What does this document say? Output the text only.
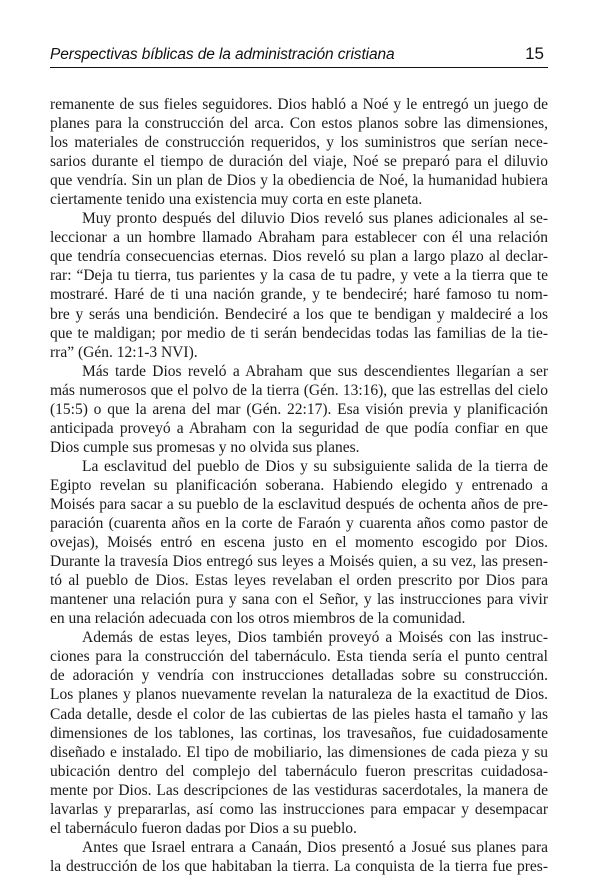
Perspectivas bíblicas de la administración cristiana	15

remanente de sus fieles seguidores. Dios habló a Noé y le entregó un juego de
planes para la construcción del arca. Con estos planos sobre las dimensiones,
los materiales de construcción requeridos, y los suministros que serían nece-
sarios durante el tiempo de duración del viaje, Noé se preparó para el diluvio
que vendría. Sin un plan de Dios y la obediencia de Noé, la humanidad hubiera
ciertamente tenido una existencia muy corta en este planeta.

Muy pronto después del diluvio Dios reveló sus planes adicionales al se-
leccionar a un hombre llamado Abraham para establecer con él una relación
que tendría consecuencias eternas. Dios reveló su plan a largo plazo al declar-
rar: “Deja tu tierra, tus parientes y la casa de tu padre, y vete a la tierra que te
mostraré. Haré de ti una nación grande, y te bendeciré; haré famoso tu nom-
bre y serás una bendición. Bendeciré a los que te bendigan y maldeciré a los
que te maldigan; por medio de ti serán bendecidas todas las familias de la tie-
rra” (Gén. 12:1-3 NVI).

Más tarde Dios reveló a Abraham que sus descendientes llegarían a ser
más numerosos que el polvo de la tierra (Gén. 13:16), que las estrellas del cielo
(15:5) o que la arena del mar (Gén. 22:17). Esa visión previa y planificación
anticipada proveyó a Abraham con la seguridad de que podía confiar en que
Dios cumple sus promesas y no olvida sus planes.

La esclavitud del pueblo de Dios y su subsiguiente salida de la tierra de
Egipto revelan su planificación soberana. Habiendo elegido y entrenado a
Moisés para sacar a su pueblo de la esclavitud después de ochenta años de pre-
paración (cuarenta años en la corte de Faraón y cuarenta años como pastor de
ovejas), Moisés entró en escena justo en el momento escogido por Dios.
Durante la travesía Dios entregó sus leyes a Moisés quien, a su vez, las presen-
tó al pueblo de Dios. Estas leyes revelaban el orden prescrito por Dios para
mantener una relación pura y sana con el Señor, y las instrucciones para vivir
en una relación adecuada con los otros miembros de la comunidad.

Además de estas leyes, Dios también proveyó a Moisés con las instruc-
ciones para la construcción del tabernáculo. Esta tienda sería el punto central
de adoración y vendría con instrucciones detalladas sobre su construcción.
Los planes y planos nuevamente revelan la naturaleza de la exactitud de Dios.
Cada detalle, desde el color de las cubiertas de las pieles hasta el tamaño y las
dimensiones de los tablones, las cortinas, los travesaños, fue cuidadosamente
diseñado e instalado. El tipo de mobiliario, las dimensiones de cada pieza y su
ubicación dentro del complejo del tabernáculo fueron prescritas cuidadosa-
mente por Dios. Las descripciones de las vestiduras sacerdotales, la manera de
lavarlas y prepararlas, así como las instrucciones para empacar y desempacar
el tabernáculo fueron dadas por Dios a su pueblo.

Antes que Israel entrara a Canaán, Dios presentó a Josué sus planes para
la destrucción de los que habitaban la tierra. La conquista de la tierra fue pres-
